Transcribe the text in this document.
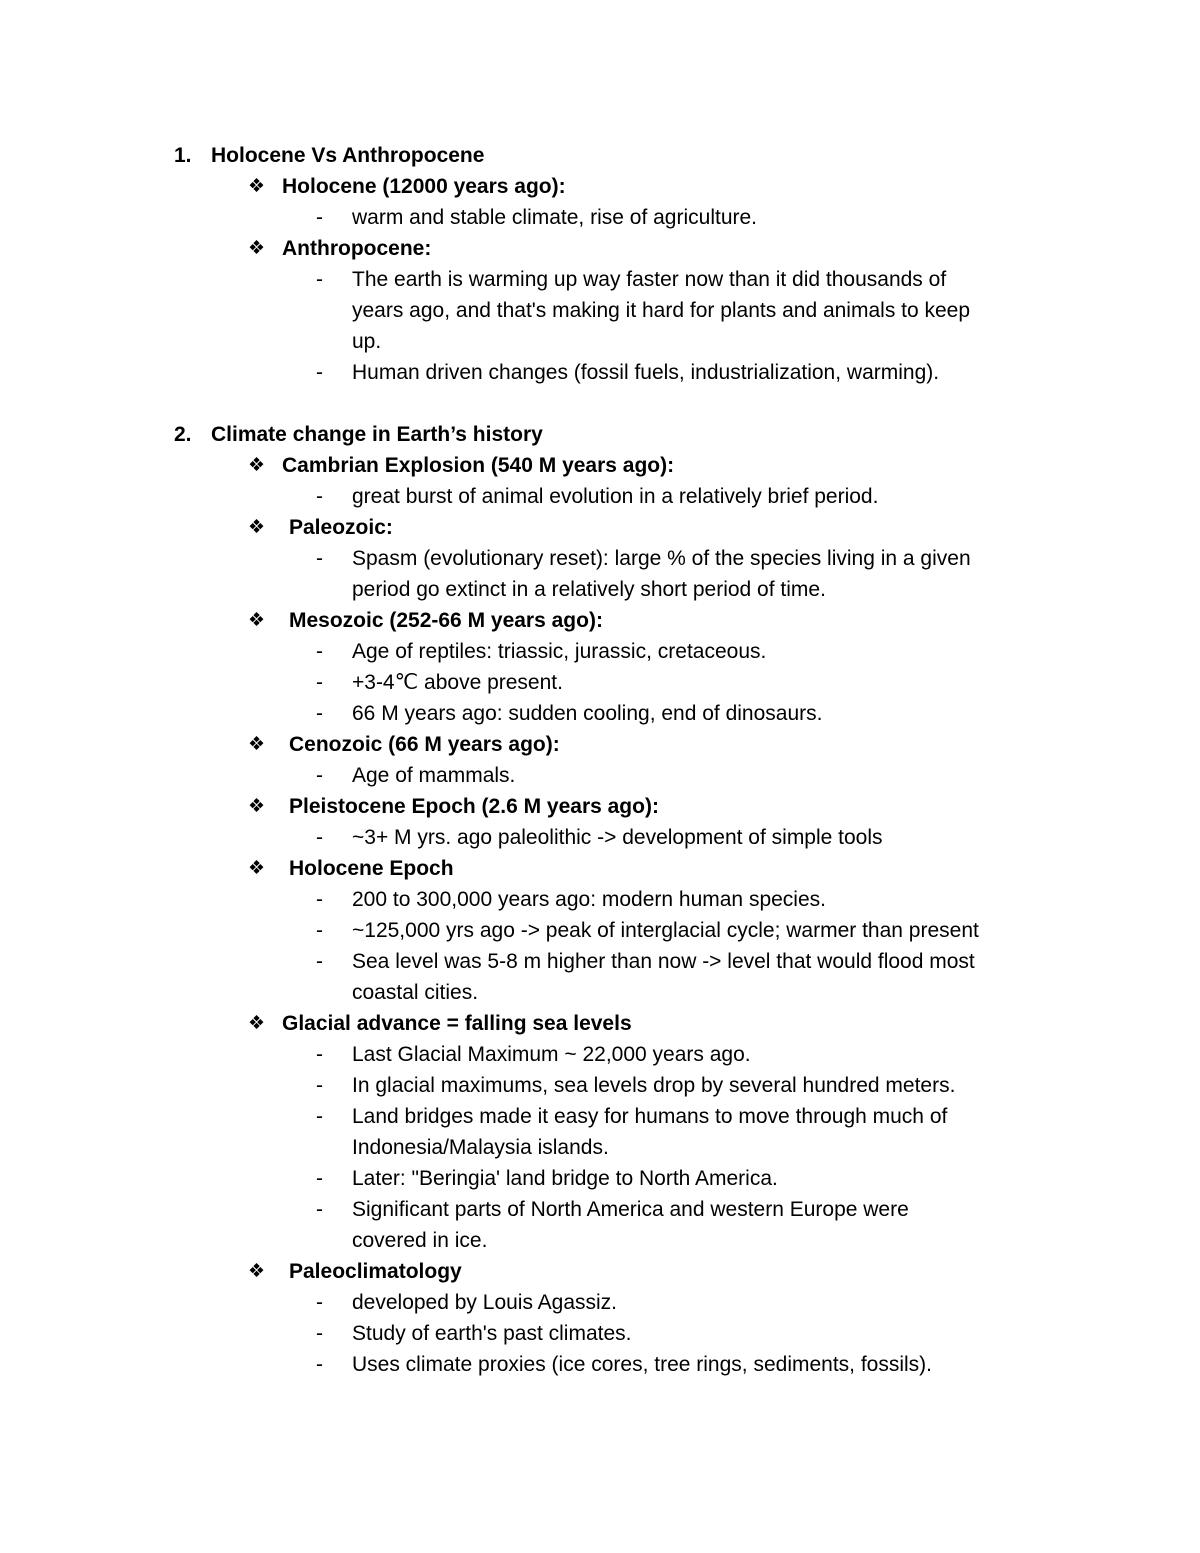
1. Holocene Vs Anthropocene
❖ Holocene (12000 years ago):
- warm and stable climate, rise of agriculture.
❖ Anthropocene:
- The earth is warming up way faster now than it did thousands of
years ago, and that's making it hard for plants and animals to keep
up.
- Human driven changes (fossil fuels, industrialization, warming).
2. Climate change in Earth’s history
❖ Cambrian Explosion (540 M years ago):
- great burst of animal evolution in a relatively brief period.
❖ Paleozoic:
- Spasm (evolutionary reset): large % of the species living in a given
period go extinct in a relatively short period of time.
❖ Mesozoic (252-66 M years ago):
- Age of reptiles: triassic, jurassic, cretaceous.
- +3-4℃ above present.
- 66 M years ago: sudden cooling, end of dinosaurs.
❖ Cenozoic (66 M years ago):
- Age of mammals.
❖ Pleistocene Epoch (2.6 M years ago):
- ~3+ M yrs. ago paleolithic -> development of simple tools
❖ Holocene Epoch
- 200 to 300,000 years ago: modern human species.
- ~125,000 yrs ago -> peak of interglacial cycle; warmer than present
- Sea level was 5-8 m higher than now -> level that would flood most
coastal cities.
❖ Glacial advance = falling sea levels
- Last Glacial Maximum ~ 22,000 years ago.
- In glacial maximums, sea levels drop by several hundred meters.
- Land bridges made it easy for humans to move through much of
Indonesia/Malaysia islands.
- Later: "Beringia' land bridge to North America.
- Significant parts of North America and western Europe were
covered in ice.
❖ Paleoclimatology
- developed by Louis Agassiz.
- Study of earth's past climates.
- Uses climate proxies (ice cores, tree rings, sediments, fossils).
